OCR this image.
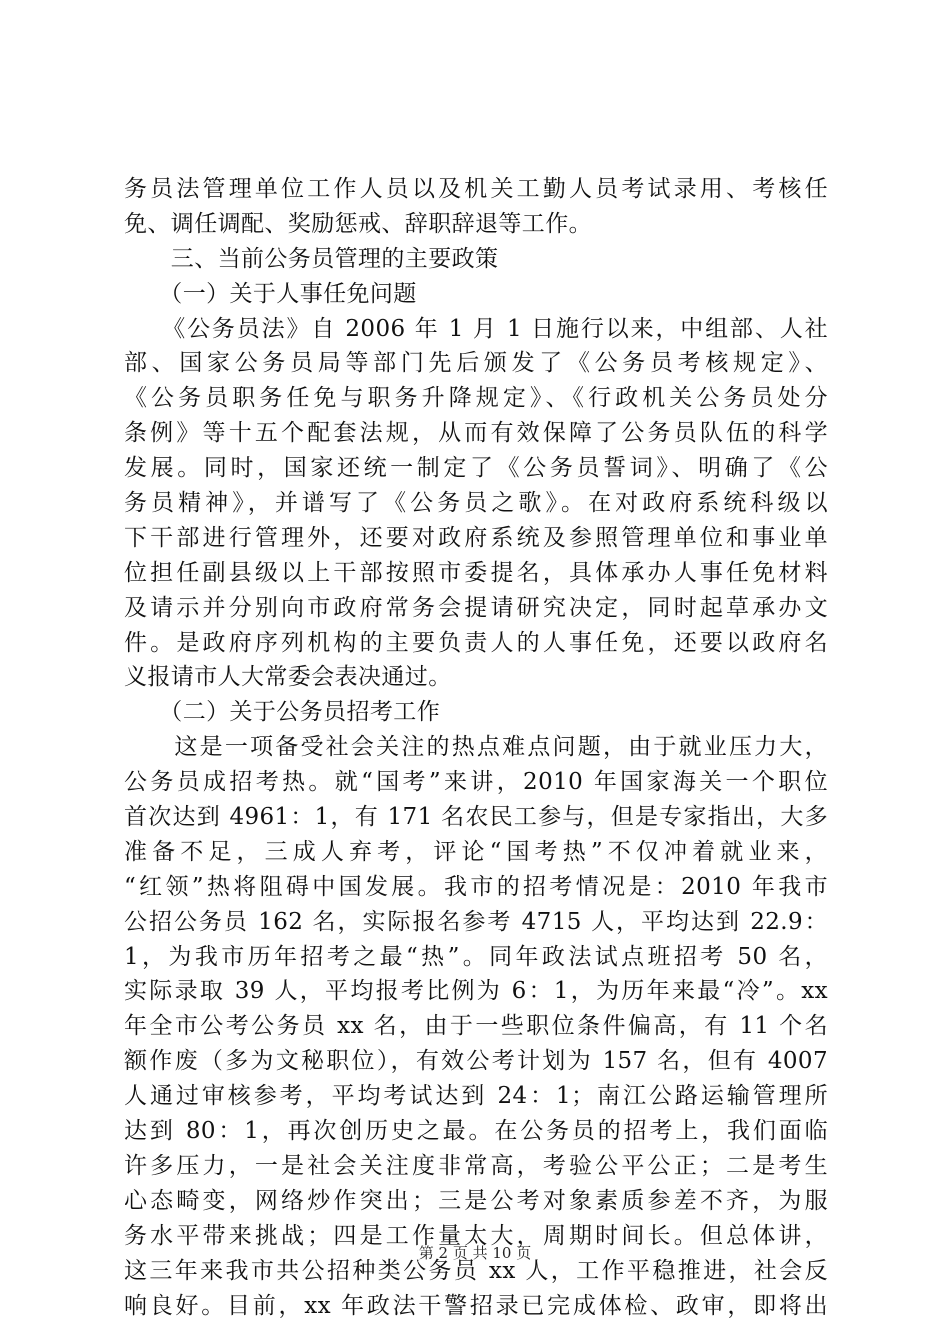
务员法管理单位工作人员以及机关工勤人员考试录用、考核任
免、调任调配、奖励惩戒、辞职辞退等工作。
　　三、当前公务员管理的主要政策
　　（一）关于人事任免问题
　　《公务员法》自 2006 年 1 月 1 日施行以来，中组部、人社
部、国家公务员局等部门先后颁发了《公务员考核规定》、
《公务员职务任免与职务升降规定》、《行政机关公务员处分
条例》等十五个配套法规，从而有效保障了公务员队伍的科学
发展。同时，国家还统一制定了《公务员誓词》、明确了《公
务员精神》，并谱写了《公务员之歌》。在对政府系统科级以
下干部进行管理外，还要对政府系统及参照管理单位和事业单
位担任副县级以上干部按照市委提名，具体承办人事任免材料
及请示并分别向市政府常务会提请研究决定，同时起草承办文
件。是政府序列机构的主要负责人的人事任免，还要以政府名
义报请市人大常委会表决通过。
　　（二）关于公务员招考工作
　　这是一项备受社会关注的热点难点问题，由于就业压力大，
公务员成招考热。就“国考”来讲，2010 年国家海关一个职位
首次达到 4961：1，有 171 名农民工参与，但是专家指出，大多
准备不足，三成人弃考，评论“国考热”不仅冲着就业来，
“红领”热将阻碍中国发展。我市的招考情况是：2010 年我市
公招公务员 162 名，实际报名参考 4715 人，平均达到 22.9：
1，为我市历年招考之最“热”。同年政法试点班招考 50 名，
实际录取 39 人，平均报考比例为 6：1，为历年来最“冷”。xx
年全市公考公务员 xx 名，由于一些职位条件偏高，有 11 个名
额作废（多为文秘职位），有效公考计划为 157 名，但有 4007
人通过审核参考，平均考试达到 24：1；南江公路运输管理所
达到 80：1，再次创历史之最。在公务员的招考上，我们面临
许多压力，一是社会关注度非常高，考验公平公正；二是考生
心态畸变，网络炒作突出；三是公考对象素质参差不齐，为服
务水平带来挑战；四是工作量太大，周期时间长。但总体讲，
这三年来我市共公招种类公务员 xx 人，工作平稳推进，社会反
响良好。目前，xx 年政法干警招录已完成体检、政审，即将出
第 2 页 共 10 页
